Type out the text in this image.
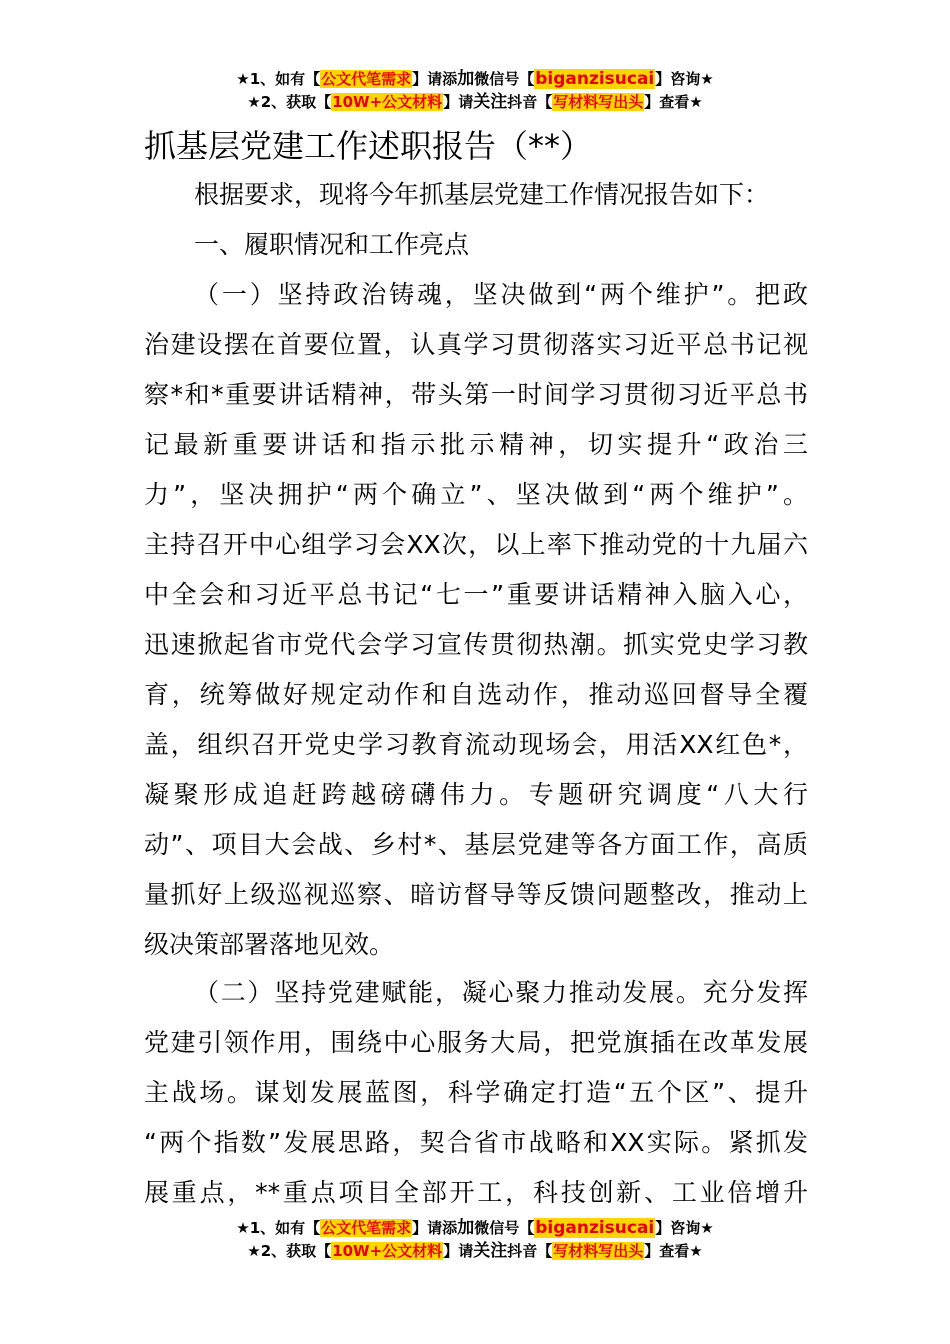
★1、如有【公文代笔需求】请添加微信号【biganzisucai】咨询★
★2、获取【10W+公文材料】请关注抖音【写材料写出头】查看★
抓基层党建工作述职报告（**）
根据要求，现将今年抓基层党建工作情况报告如下：
一、履职情况和工作亮点
（一）坚持政治铸魂，坚决做到“两个维护”。把政
治建设摆在首要位置，认真学习贯彻落实习近平总书记视
察*和*重要讲话精神，带头第一时间学习贯彻习近平总书
记最新重要讲话和指示批示精神，切实提升“政治三
力”，坚决拥护“两个确立”、坚决做到“两个维护”。
主持召开中心组学习会XX次，以上率下推动党的十九届六
中全会和习近平总书记“七一”重要讲话精神入脑入心，
迅速掀起省市党代会学习宣传贯彻热潮。抓实党史学习教
育，统筹做好规定动作和自选动作，推动巡回督导全覆
盖，组织召开党史学习教育流动现场会，用活XX红色*，
凝聚形成追赶跨越磅礴伟力。专题研究调度“八大行
动”、项目大会战、乡村*、基层党建等各方面工作，高质
量抓好上级巡视巡察、暗访督导等反馈问题整改，推动上
级决策部署落地见效。
（二）坚持党建赋能，凝心聚力推动发展。充分发挥
党建引领作用，围绕中心服务大局，把党旗插在改革发展
主战场。谋划发展蓝图，科学确定打造“五个区”、提升
“两个指数”发展思路，契合省市战略和XX实际。紧抓发
展重点，**重点项目全部开工，科技创新、工业倍增升
★1、如有【公文代笔需求】请添加微信号【biganzisucai】咨询★
★2、获取【10W+公文材料】请关注抖音【写材料写出头】查看★
